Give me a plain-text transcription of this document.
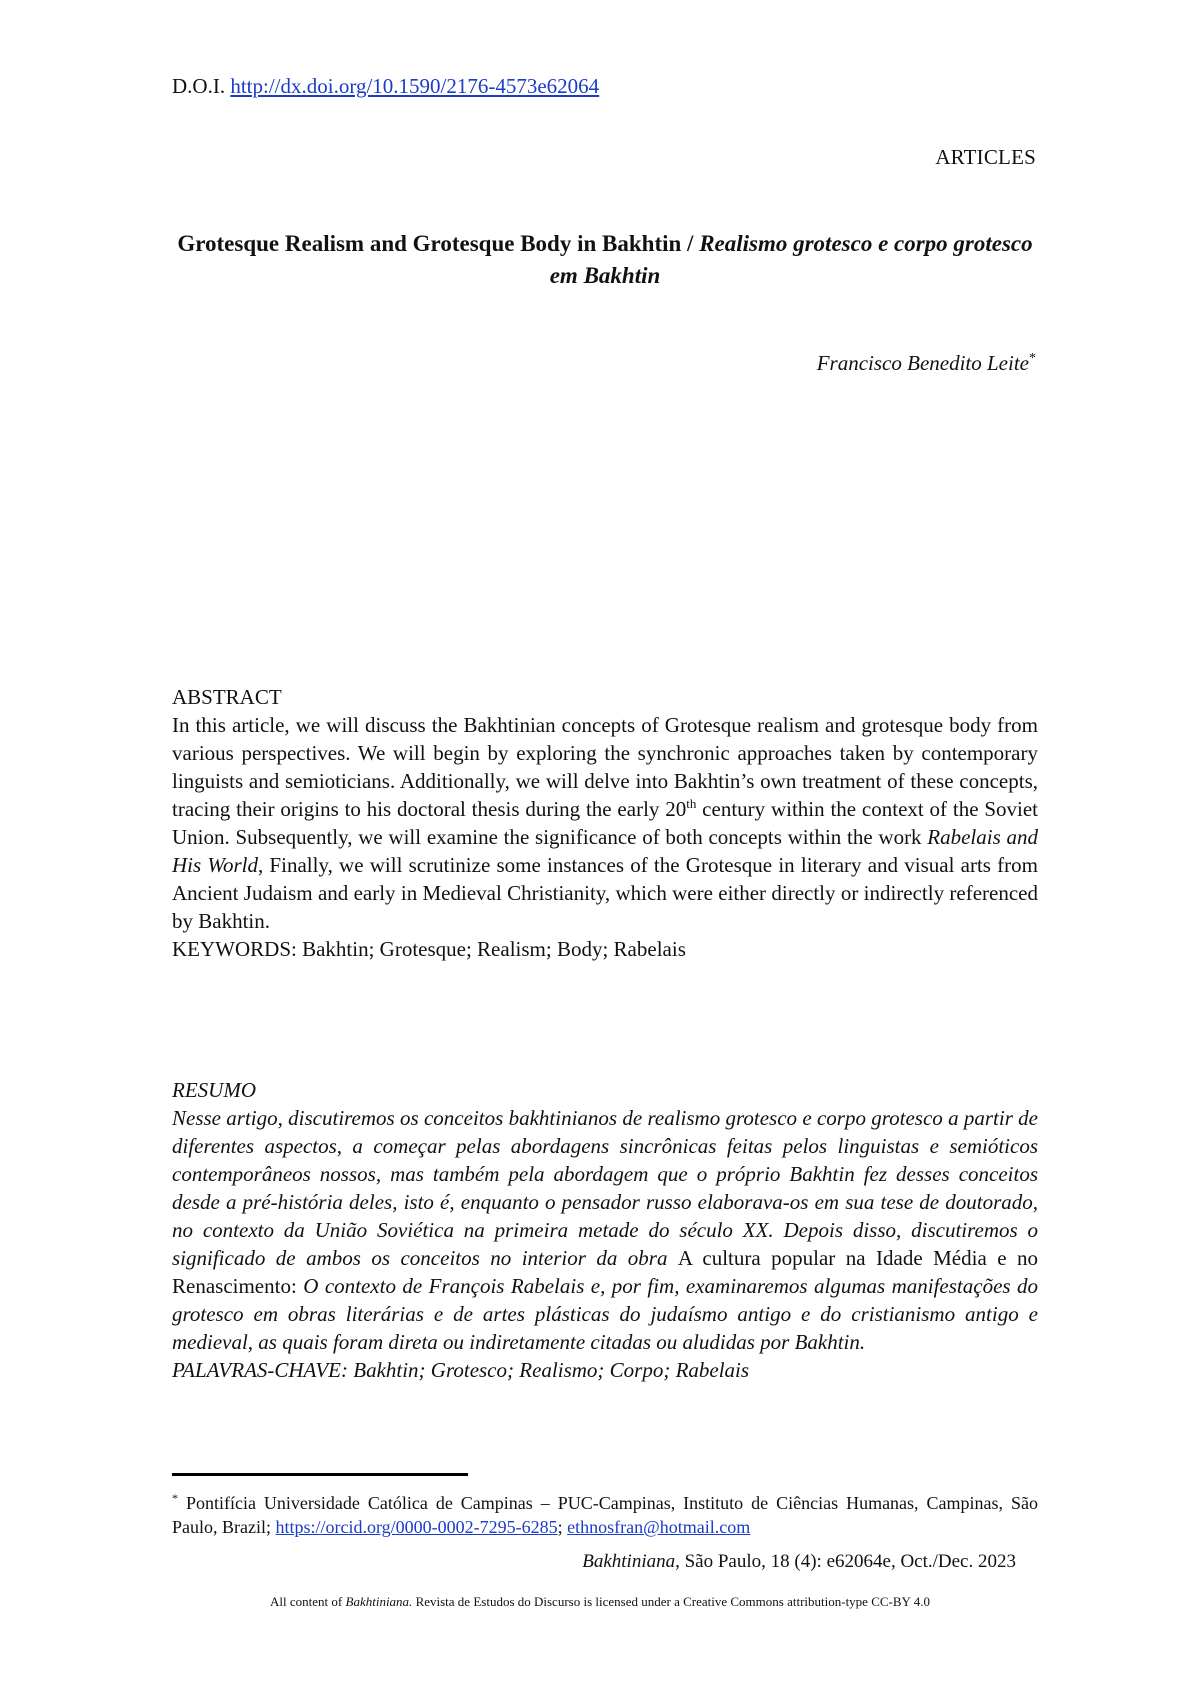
D.O.I. http://dx.doi.org/10.1590/2176-4573e62064
ARTICLES
Grotesque Realism and Grotesque Body in Bakhtin / Realismo grotesco e corpo grotesco em Bakhtin
Francisco Benedito Leite*

ABSTRACT

In this article, we will discuss the Bakhtinian concepts of Grotesque realism and grotesque body from various perspectives. We will begin by exploring the synchronic approaches taken by contemporary linguists and semioticians. Additionally, we will delve into Bakhtin’s own treatment of these concepts, tracing their origins to his doctoral thesis during the early 20th century within the context of the Soviet Union. Subsequently, we will examine the significance of both concepts within the work Rabelais and His World, Finally, we will scrutinize some instances of the Grotesque in literary and visual arts from Ancient Judaism and early in Medieval Christianity, which were either directly or indirectly referenced by Bakhtin.

KEYWORDS: Bakhtin; Grotesque; Realism; Body; Rabelais

RESUMO

Nesse artigo, discutiremos os conceitos bakhtinianos de realismo grotesco e corpo grotesco a partir de diferentes aspectos, a começar pelas abordagens sincrônicas feitas pelos linguistas e semióticos contemporâneos nossos, mas também pela abordagem que o próprio Bakhtin fez desses conceitos desde a pré-história deles, isto é, enquanto o pensador russo elaborava-os em sua tese de doutorado, no contexto da União Soviética na primeira metade do século XX. Depois disso, discutiremos o significado de ambos os conceitos no interior da obra A cultura popular na Idade Média e no Renascimento: O contexto de François Rabelais e, por fim, examinaremos algumas manifestações do grotesco em obras literárias e de artes plásticas do judaísmo antigo e do cristianismo antigo e medieval, as quais foram direta ou indiretamente citadas ou aludidas por Bakhtin.

PALAVRAS-CHAVE: Bakhtin; Grotesco; Realismo; Corpo; Rabelais

* Pontifícia Universidade Católica de Campinas – PUC-Campinas, Instituto de Ciências Humanas, Campinas, São Paulo, Brazil; https://orcid.org/0000-0002-7295-6285; ethnosfran@hotmail.com
Bakhtiniana, São Paulo, 18 (4): e62064e, Oct./Dec. 2023
All content of Bakhtiniana. Revista de Estudos do Discurso is licensed under a Creative Commons attribution-type CC-BY 4.0
